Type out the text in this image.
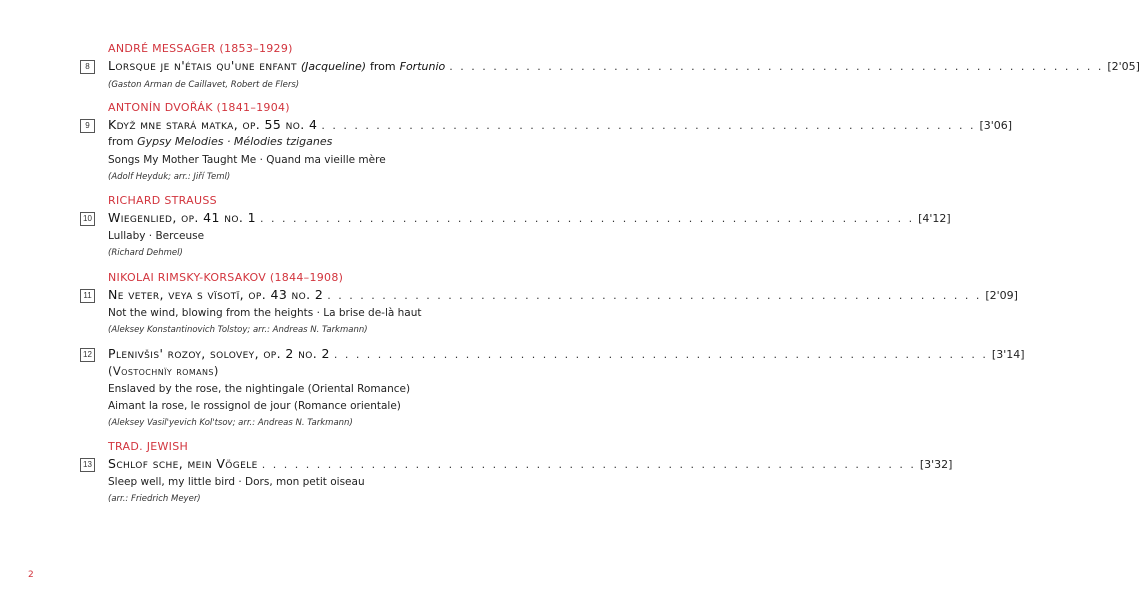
ANDRÉ MESSAGER (1853–1929)
8	Lorsque je n'étais qu'une enfant
(Jacqueline)
from
Fortunio . . . . . . . . . . . . . . . . . . . . . . . . . . . . . . . . . . . . . . . . . . . . . . . . . . . . . . . . . . . . [2'05]
(Gaston Arman de Caillavet, Robert de Flers)
ANTONÍN DVOŘÁK (1841–1904)
9	Když mne stará matka, op. 55 no. 4 . . . . . . . . . . . . . . . . . . . . . . . . . . . . . . . . . . . . . . . . . . . . . . . . . . . . . . . . . . . . [3'06]
from Gypsy Melodies · Mélodies tziganes
Songs My Mother Taught Me · Quand ma vieille mère
(Adolf Heyduk; arr.: Jiří Teml)
RICHARD STRAUSS
10 Wiegenlied, op. 41 no. 1 . . . . . . . . . . . . . . . . . . . . . . . . . . . . . . . . . . . . . . . . . . . . . . . . . . . . . . . . . . . . [4'12]
Lullaby · Berceuse
(Richard Dehmel)
NIKOLAI RIMSKY-KORSAKOV (1844–1908)
11 Ne veter, veya s vïsotï, op. 43 no. 2 . . . . . . . . . . . . . . . . . . . . . . . . . . . . . . . . . . . . . . . . . . . . . . . . . . . . . . . . . . . . [2'09]
Not the wind, blowing from the heights · La brise de-là haut
(Aleksey Konstantinovich Tolstoy; arr.: Andreas N. Tarkmann)
12 Plenivšis' rozoy, solovey, op. 2 no. 2 . . . . . . . . . . . . . . . . . . . . . . . . . . . . . . . . . . . . . . . . . . . . . . . . . . . . . . . . . . . . [3'14]
(Vostochnïy romans)
Enslaved by the rose, the nightingale (Oriental Romance)
Aimant la rose, le rossignol de jour (Romance orientale)
(Aleksey Vasil'yevich Kol'tsov; arr.: Andreas N. Tarkmann)
TRAD. JEWISH
13 Schlof sche, mein Vögele . . . . . . . . . . . . . . . . . . . . . . . . . . . . . . . . . . . . . . . . . . . . . . . . . . . . . . . . . . . . [3'32]
Sleep well, my little bird · Dors, mon petit oiseau
(arr.: Friedrich Meyer)
2
